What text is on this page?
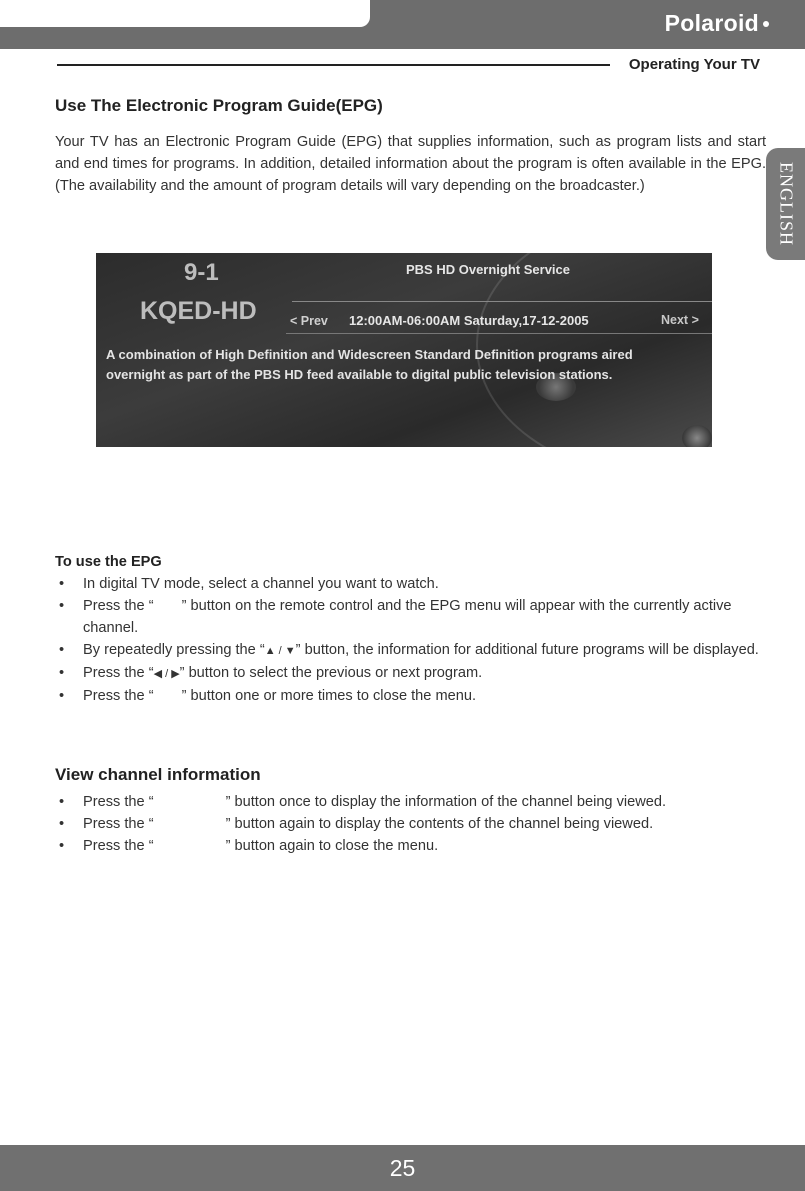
Polaroid
Operating Your TV
ENGLISH
Use The Electronic Program Guide(EPG)

Your TV has an Electronic Program Guide (EPG) that supplies information, such as program lists and start and end times for programs. In addition, detailed information about the program is often available in the EPG. (The availability and the amount of program details will vary depending on the broadcaster.)

9-1
KQED-HD
PBS HD Overnight Service
< Prev 12:00AM-06:00AM Saturday,17-12-2005	Next >

A combination of High Definition and Widescreen Standard Definition programs aired overnight as part of the PBS HD feed available to digital public television stations.

To use the EPG
• In digital TV mode, select a channel you want to watch.
• Press the “ ” button on the remote control and the EPG menu will appear with the currently active channel.
• By repeatedly pressing the “▲ / ▼” button, the information for additional future programs will be displayed.
• Press the “◀ / ▶” button to select the previous or next program.
• Press the “ ” button one or more times to close the menu.
View channel information
• Press the “	” button once to display the information of the channel being viewed.
• Press the “	” button again to display the contents of the channel being viewed.
• Press the “	” button again to close the menu.
25
